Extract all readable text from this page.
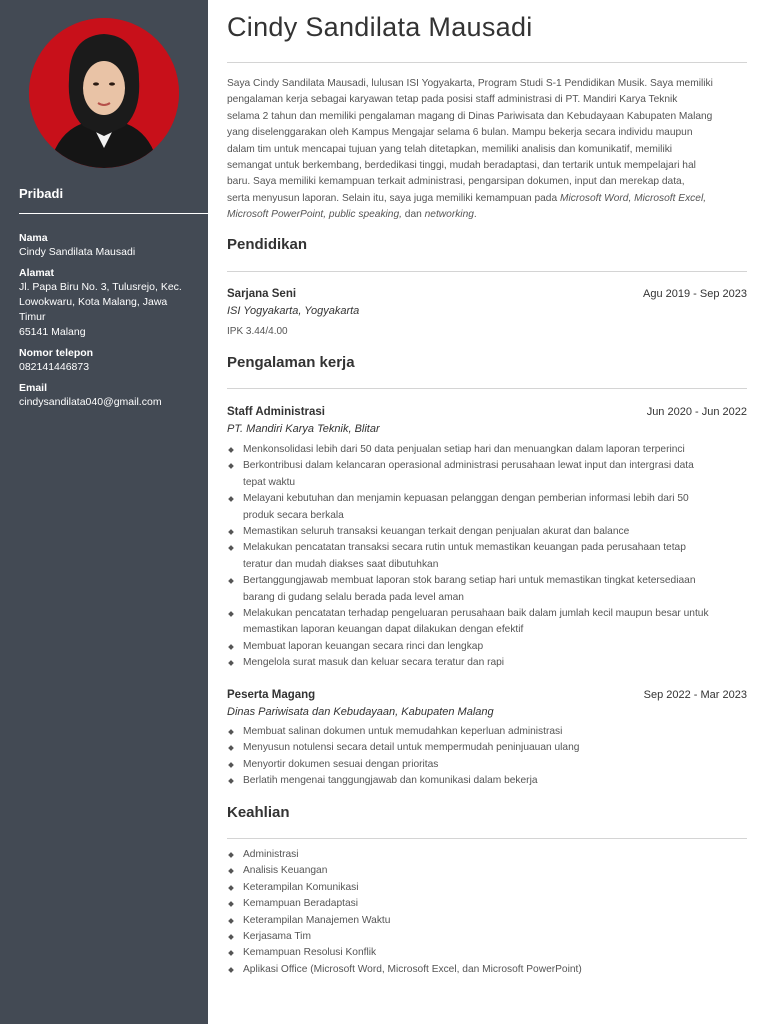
Pribadi
Nama
Cindy Sandilata Mausadi
Alamat
Jl. Papa Biru No. 3, Tulusrejo, Kec.
Lowokwaru, Kota Malang, Jawa
Timur
65141 Malang
Nomor telepon
082141446873
Email
cindysandilata040@gmail.com
Cindy Sandilata Mausadi
Saya Cindy Sandilata Mausadi, lulusan ISI Yogyakarta, Program Studi S-1 Pendidikan Musik. Saya memiliki
pengalaman kerja sebagai karyawan tetap pada posisi staff administrasi di PT. Mandiri Karya Teknik
selama 2 tahun dan memiliki pengalaman magang di Dinas Pariwisata dan Kebudayaan Kabupaten Malang
yang diselenggarakan oleh Kampus Mengajar selama 6 bulan. Mampu bekerja secara individu maupun
dalam tim untuk mencapai tujuan yang telah ditetapkan, memiliki analisis dan komunikatif, memiliki
semangat untuk berkembang, berdedikasi tinggi, mudah beradaptasi, dan tertarik untuk mempelajari hal
baru. Saya memiliki kemampuan terkait administrasi, pengarsipan dokumen, input dan merekap data,
serta menyusun laporan. Selain itu, saya juga memiliki kemampuan pada Microsoft Word, Microsoft Excel,
Microsoft PowerPoint, public speaking, dan networking.
Pendidikan
Sarjana Seni	Agu 2019 - Sep 2023
ISI Yogyakarta, Yogyakarta
IPK 3.44/4.00
Pengalaman kerja
Staff Administrasi	Jun 2020 - Jun 2022
PT. Mandiri Karya Teknik, Blitar
Menkonsolidasi lebih dari 50 data penjualan setiap hari dan menuangkan dalam laporan terperinci
Berkontribusi dalam kelancaran operasional administrasi perusahaan lewat input dan intergrasi data
tepat waktu
Melayani kebutuhan dan menjamin kepuasan pelanggan dengan pemberian informasi lebih dari 50
produk secara berkala
Memastikan seluruh transaksi keuangan terkait dengan penjualan akurat dan balance
Melakukan pencatatan transaksi secara rutin untuk memastikan keuangan pada perusahaan tetap
teratur dan mudah diakses saat dibutuhkan
Bertanggungjawab membuat laporan stok barang setiap hari untuk memastikan tingkat ketersediaan
barang di gudang selalu berada pada level aman
Melakukan pencatatan terhadap pengeluaran perusahaan baik dalam jumlah kecil maupun besar untuk
memastikan laporan keuangan dapat dilakukan dengan efektif
Membuat laporan keuangan secara rinci dan lengkap
Mengelola surat masuk dan keluar secara teratur dan rapi
Peserta Magang	Sep 2022 - Mar 2023
Dinas Pariwisata dan Kebudayaan, Kabupaten Malang
Membuat salinan dokumen untuk memudahkan keperluan administrasi
Menyusun notulensi secara detail untuk mempermudah peninjuauan ulang
Menyortir dokumen sesuai dengan prioritas
Berlatih mengenai tanggungjawab dan komunikasi dalam bekerja
Keahlian
Administrasi
Analisis Keuangan
Keterampilan Komunikasi
Kemampuan Beradaptasi
Keterampilan Manajemen Waktu
Kerjasama Tim
Kemampuan Resolusi Konflik
Aplikasi Office (Microsoft Word, Microsoft Excel, dan Microsoft PowerPoint)
